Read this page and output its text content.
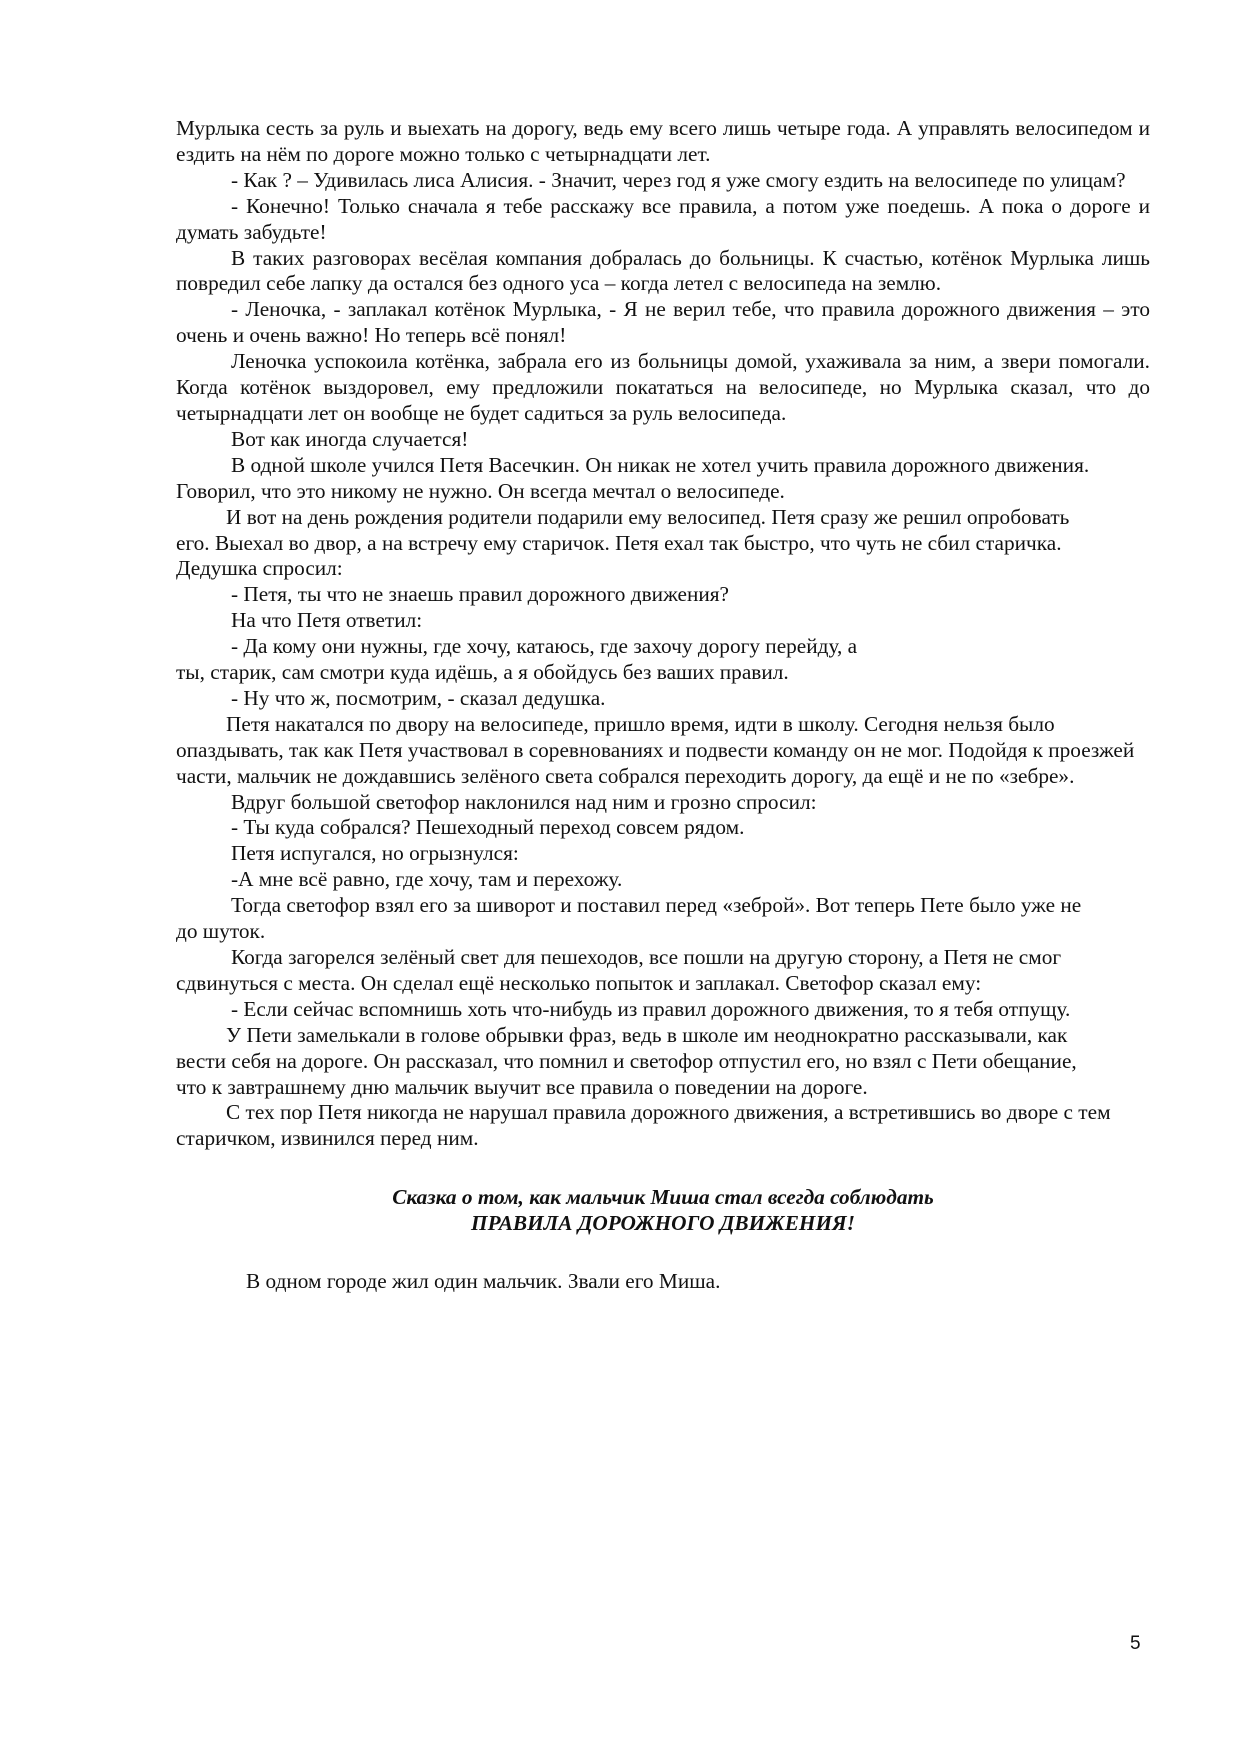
Мурлыка сесть за руль и выехать на дорогу, ведь ему всего лишь четыре года. А управлять велосипедом и ездить на нём по дороге можно только с четырнадцати лет.

- Как ? – Удивилась лиса Алисия. - Значит, через год я уже смогу ездить на велосипеде по улицам?

- Конечно! Только сначала я тебе расскажу все правила, а потом уже поедешь. А пока о дороге и думать забудьте!

В таких разговорах весёлая компания добралась до больницы. К счастью, котёнок Мурлыка лишь повредил себе лапку да остался без одного уса – когда летел с велосипеда на землю.

- Леночка, - заплакал котёнок Мурлыка, - Я не верил тебе, что правила дорожного движения – это очень и очень важно! Но теперь всё понял!

Леночка успокоила котёнка, забрала его из больницы домой, ухаживала за ним, а звери помогали. Когда котёнок выздоровел, ему предложили покататься на велосипеде, но Мурлыка сказал, что до четырнадцати лет он вообще не будет садиться за руль велосипеда.

Вот как иногда случается!

В одной школе учился Петя Васечкин. Он никак не хотел учить правила дорожного движения. Говорил, что это никому не нужно. Он всегда мечтал о велосипеде.

И вот на день рождения родители подарили ему велосипед. Петя сразу же решил опробовать его. Выехал во двор, а на встречу ему старичок. Петя ехал так быстро, что чуть не сбил старичка. Дедушка спросил:

- Петя, ты что не знаешь правил дорожного движения?

На что Петя ответил:

- Да кому они нужны, где хочу, катаюсь, где захочу дорогу перейду, а

ты, старик, сам смотри куда идёшь, а я обойдусь без ваших правил.

- Ну что ж, посмотрим, - сказал дедушка.

Петя накатался по двору на велосипеде, пришло время, идти в школу. Сегодня нельзя было опаздывать, так как Петя участвовал в соревнованиях и подвести команду он не мог. Подойдя к проезжей части, мальчик не дождавшись зелёного света собрался переходить дорогу, да ещё и не по «зебре».

Вдруг большой светофор наклонился над ним и грозно спросил:

- Ты куда собрался? Пешеходный переход совсем рядом.

Петя испугался, но огрызнулся:

-А мне всё равно, где хочу, там и перехожу.

Тогда светофор взял его за шиворот и поставил перед «зеброй». Вот теперь Пете было уже не до шуток.

Когда загорелся зелёный свет для пешеходов, все пошли на другую сторону, а Петя не смог сдвинуться с места. Он сделал ещё несколько попыток и заплакал. Светофор сказал ему:

- Если сейчас вспомнишь хоть что-нибудь из правил дорожного движения, то я тебя отпущу.

У Пети замелькали в голове обрывки фраз, ведь в школе им неоднократно рассказывали, как вести себя на дороге. Он рассказал, что помнил и светофор отпустил его, но взял с Пети обещание, что к завтрашнему дню мальчик выучит все правила о поведении на дороге.

С тех пор Петя никогда не нарушал правила дорожного движения, а встретившись во дворе с тем старичком, извинился перед ним.

Сказка о том, как мальчик Миша стал всегда соблюдать
ПРАВИЛА ДОРОЖНОГО ДВИЖЕНИЯ!

В одном городе жил один мальчик. Звали его Миша.

5
